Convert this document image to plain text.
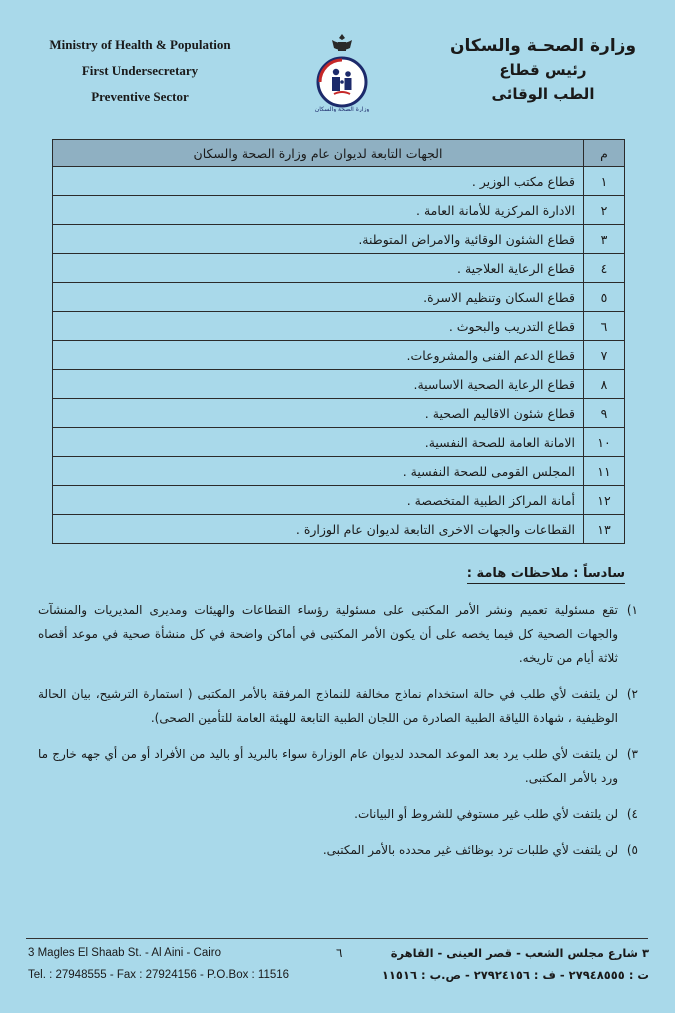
Ministry of Health & Population
First Undersecretary
Preventive Sector
وزارة الصحة والسكان
وزارة الصحـة والسكان
رئيس قطاع
الطب الوقائى
م	الجهات التابعة لديوان عام وزارة الصحة والسكان
١	قطاع مكتب الوزير .
٢	الادارة المركزية للأمانة العامة .
٣	قطاع الشئون الوقائية والامراض المتوطنة.
٤	قطاع الرعاية العلاجية .
٥	قطاع السكان وتنظيم الاسرة.
٦	قطاع التدريب والبحوث .
٧	قطاع الدعم الفنى والمشروعات.
٨	قطاع الرعاية الصحية الاساسية.
٩	قطاع شئون الاقاليم الصحية .
١٠	الامانة العامة للصحة النفسية.
١١	المجلس القومى للصحة النفسية .
١٢	أمانة المراكز الطبية المتخصصة .
١٣	القطاعات والجهات الاخرى التابعة لديوان عام الوزارة .
سادساً : ملاحظات هامة :
١)
تقع مسئولية تعميم ونشر الأمر المكتبى على مسئولية رؤساء القطاعات والهيئات ومديرى المديريات والمنشآت والجهات الصحية كل فيما يخصه على أن يكون الأمر المكتبى في أماكن واضحة في كل منشأة صحية في موعد أقصاه ثلاثة أيام من تاريخه.
٢)
لن يلتفت لأي طلب في حالة استخدام نماذج مخالفة للنماذج المرفقة بالأمر المكتبى ( استمارة الترشيح، بيان الحالة الوظيفية ، شهادة اللياقة الطبية الصادرة من اللجان الطبية التابعة للهيئة العامة للتأمين الصحى).
٣)
لن يلتفت لأي طلب يرد بعد الموعد المحدد لديوان عام الوزارة سواء بالبريد أو باليد من الأفراد أو من أي جهه خارج ما ورد بالأمر المكتبى.
٤)
لن يلتفت لأي طلب غير مستوفي للشروط أو البيانات.
٥)
لن يلتفت لأي طلبات ترد بوظائف غير محدده بالأمر المكتبى.
3 Magles El Shaab St. - Al Aini - Cairo
Tel. : 27948555 - Fax : 27924156 - P.O.Box : 11516
٦	٣ شارع مجلس الشعب - قصر العينى - القاهرة
ت : ٢٧٩٤٨٥٥٥ - ف : ٢٧٩٢٤١٥٦ - ص.ب : ١١٥١٦
